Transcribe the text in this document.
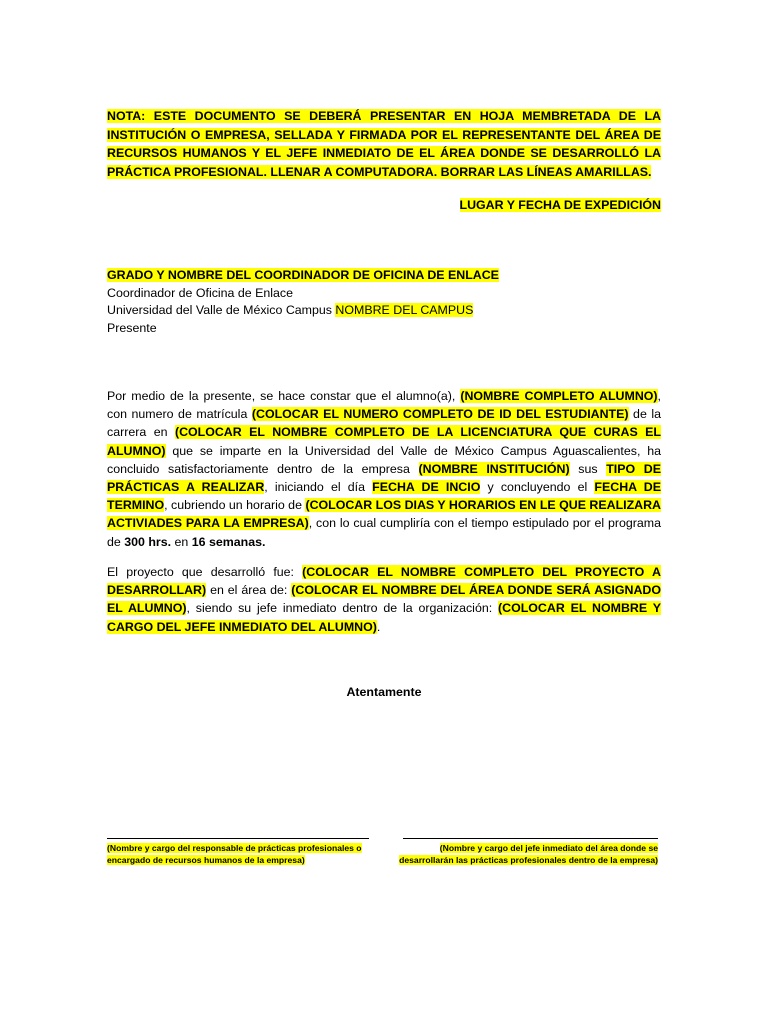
NOTA: ESTE DOCUMENTO SE DEBERÁ PRESENTAR EN HOJA MEMBRETADA DE LA INSTITUCIÓN O EMPRESA, SELLADA Y FIRMADA POR EL REPRESENTANTE DEL ÁREA DE RECURSOS HUMANOS Y EL JEFE INMEDIATO DE EL ÁREA DONDE SE DESARROLLÓ LA PRÁCTICA PROFESIONAL. LLENAR A COMPUTADORA. BORRAR LAS LÍNEAS AMARILLAS.

LUGAR Y FECHA DE EXPEDICIÓN

GRADO Y NOMBRE DEL COORDINADOR DE OFICINA DE ENLACE
Coordinador de Oficina de Enlace
Universidad del Valle de México Campus NOMBRE DEL CAMPUS
Presente

Por medio de la presente, se hace constar que el alumno(a), (NOMBRE COMPLETO ALUMNO), con numero de matrícula (COLOCAR EL NUMERO COMPLETO DE ID DEL ESTUDIANTE) de la carrera en (COLOCAR EL NOMBRE COMPLETO DE LA LICENCIATURA QUE CURAS EL ALUMNO) que se imparte en la Universidad del Valle de México Campus Aguascalientes, ha concluido satisfactoriamente dentro de la empresa (NOMBRE INSTITUCIÓN) sus TIPO DE PRÁCTICAS A REALIZAR, iniciando el día FECHA DE INCIO y concluyendo el FECHA DE TERMINO, cubriendo un horario de (COLOCAR LOS DIAS Y HORARIOS EN LE QUE REALIZARA ACTIVIADES PARA LA EMPRESA), con lo cual cumpliría con el tiempo estipulado por el programa de 300 hrs. en 16 semanas.

El proyecto que desarrolló fue: (COLOCAR EL NOMBRE COMPLETO DEL PROYECTO A DESARROLLAR) en el área de: (COLOCAR EL NOMBRE DEL ÁREA DONDE SERÁ ASIGNADO EL ALUMNO), siendo su jefe inmediato dentro de la organización: (COLOCAR EL NOMBRE Y CARGO DEL JEFE INMEDIATO DEL ALUMNO).

Atentamente

(Nombre y cargo del responsable de prácticas profesionales o encargado de recursos humanos de la empresa)
(Nombre y cargo del jefe inmediato del área donde se desarrollarán las prácticas profesionales dentro de la empresa)
